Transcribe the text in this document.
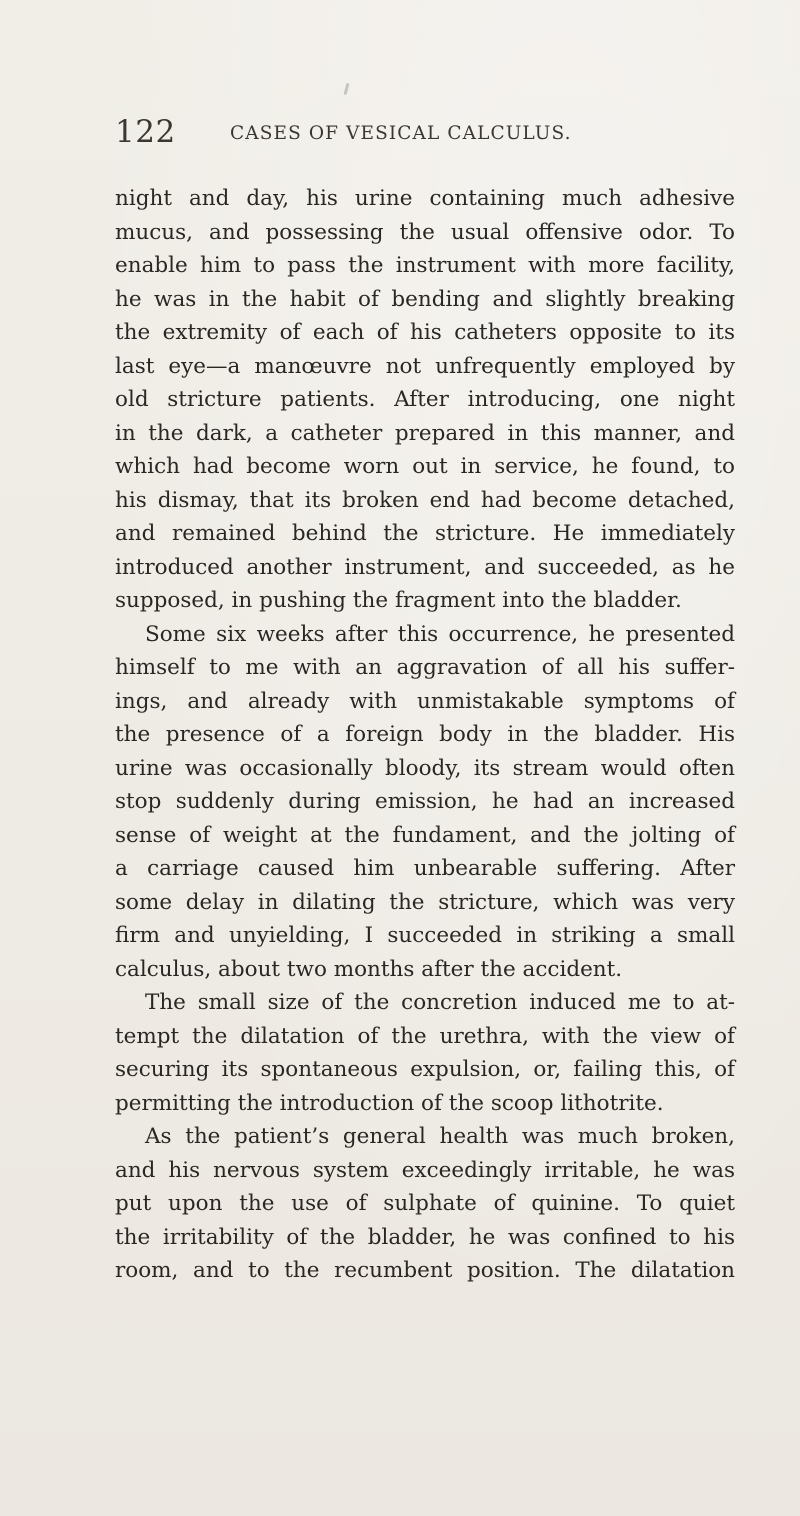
122	CASES OF VESICAL CALCULUS.
night and day, his urine containing much adhesive
mucus, and possessing the usual offensive odor. To
enable him to pass the instrument with more facility,
he was in the habit of bending and slightly breaking
the extremity of each of his catheters opposite to its
last eye—a manœuvre not unfrequently employed by
old stricture patients. After introducing, one night
in the dark, a catheter prepared in this manner, and
which had become worn out in service, he found, to
his dismay, that its broken end had become detached,
and remained behind the stricture. He immediately
introduced another instrument, and succeeded, as he
supposed, in pushing the fragment into the bladder.
Some six weeks after this occurrence, he presented
himself to me with an aggravation of all his suffer-
ings, and already with unmistakable symptoms of
the presence of a foreign body in the bladder. His
urine was occasionally bloody, its stream would often
stop suddenly during emission, he had an increased
sense of weight at the fundament, and the jolting of
a carriage caused him unbearable suffering. After
some delay in dilating the stricture, which was very
firm and unyielding, I succeeded in striking a small
calculus, about two months after the accident.
The small size of the concretion induced me to at-
tempt the dilatation of the urethra, with the view of
securing its spontaneous expulsion, or, failing this, of
permitting the introduction of the scoop lithotrite.
As the patient’s general health was much broken,
and his nervous system exceedingly irritable, he was
put upon the use of sulphate of quinine. To quiet
the irritability of the bladder, he was confined to his
room, and to the recumbent position. The dilatation
